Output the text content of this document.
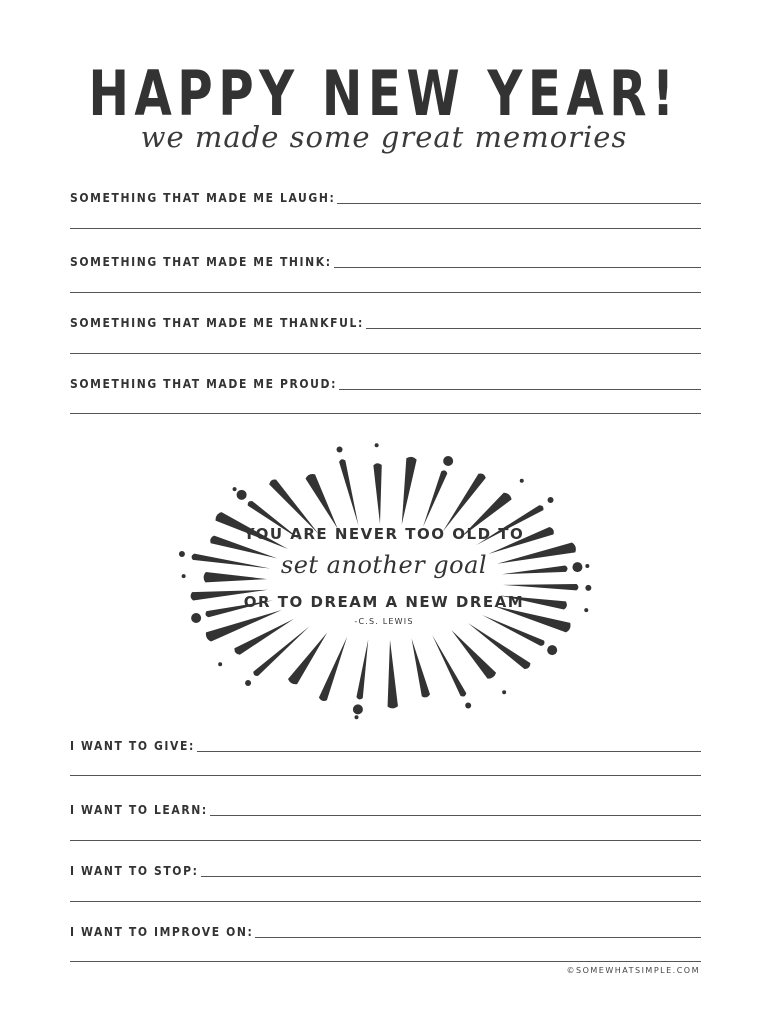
HAPPY NEW YEAR!
we made some great memories
SOMETHING THAT MADE ME LAUGH:
SOMETHING THAT MADE ME THINK:
SOMETHING THAT MADE ME THANKFUL:
SOMETHING THAT MADE ME PROUD:
YOU ARE NEVER TOO OLD TO
set another goal
OR TO DREAM A NEW DREAM
-C.S. LEWIS
I WANT TO GIVE:
I WANT TO LEARN:
I WANT TO STOP:
I WANT TO IMPROVE ON:
©SOMEWHATSIMPLE.COM
